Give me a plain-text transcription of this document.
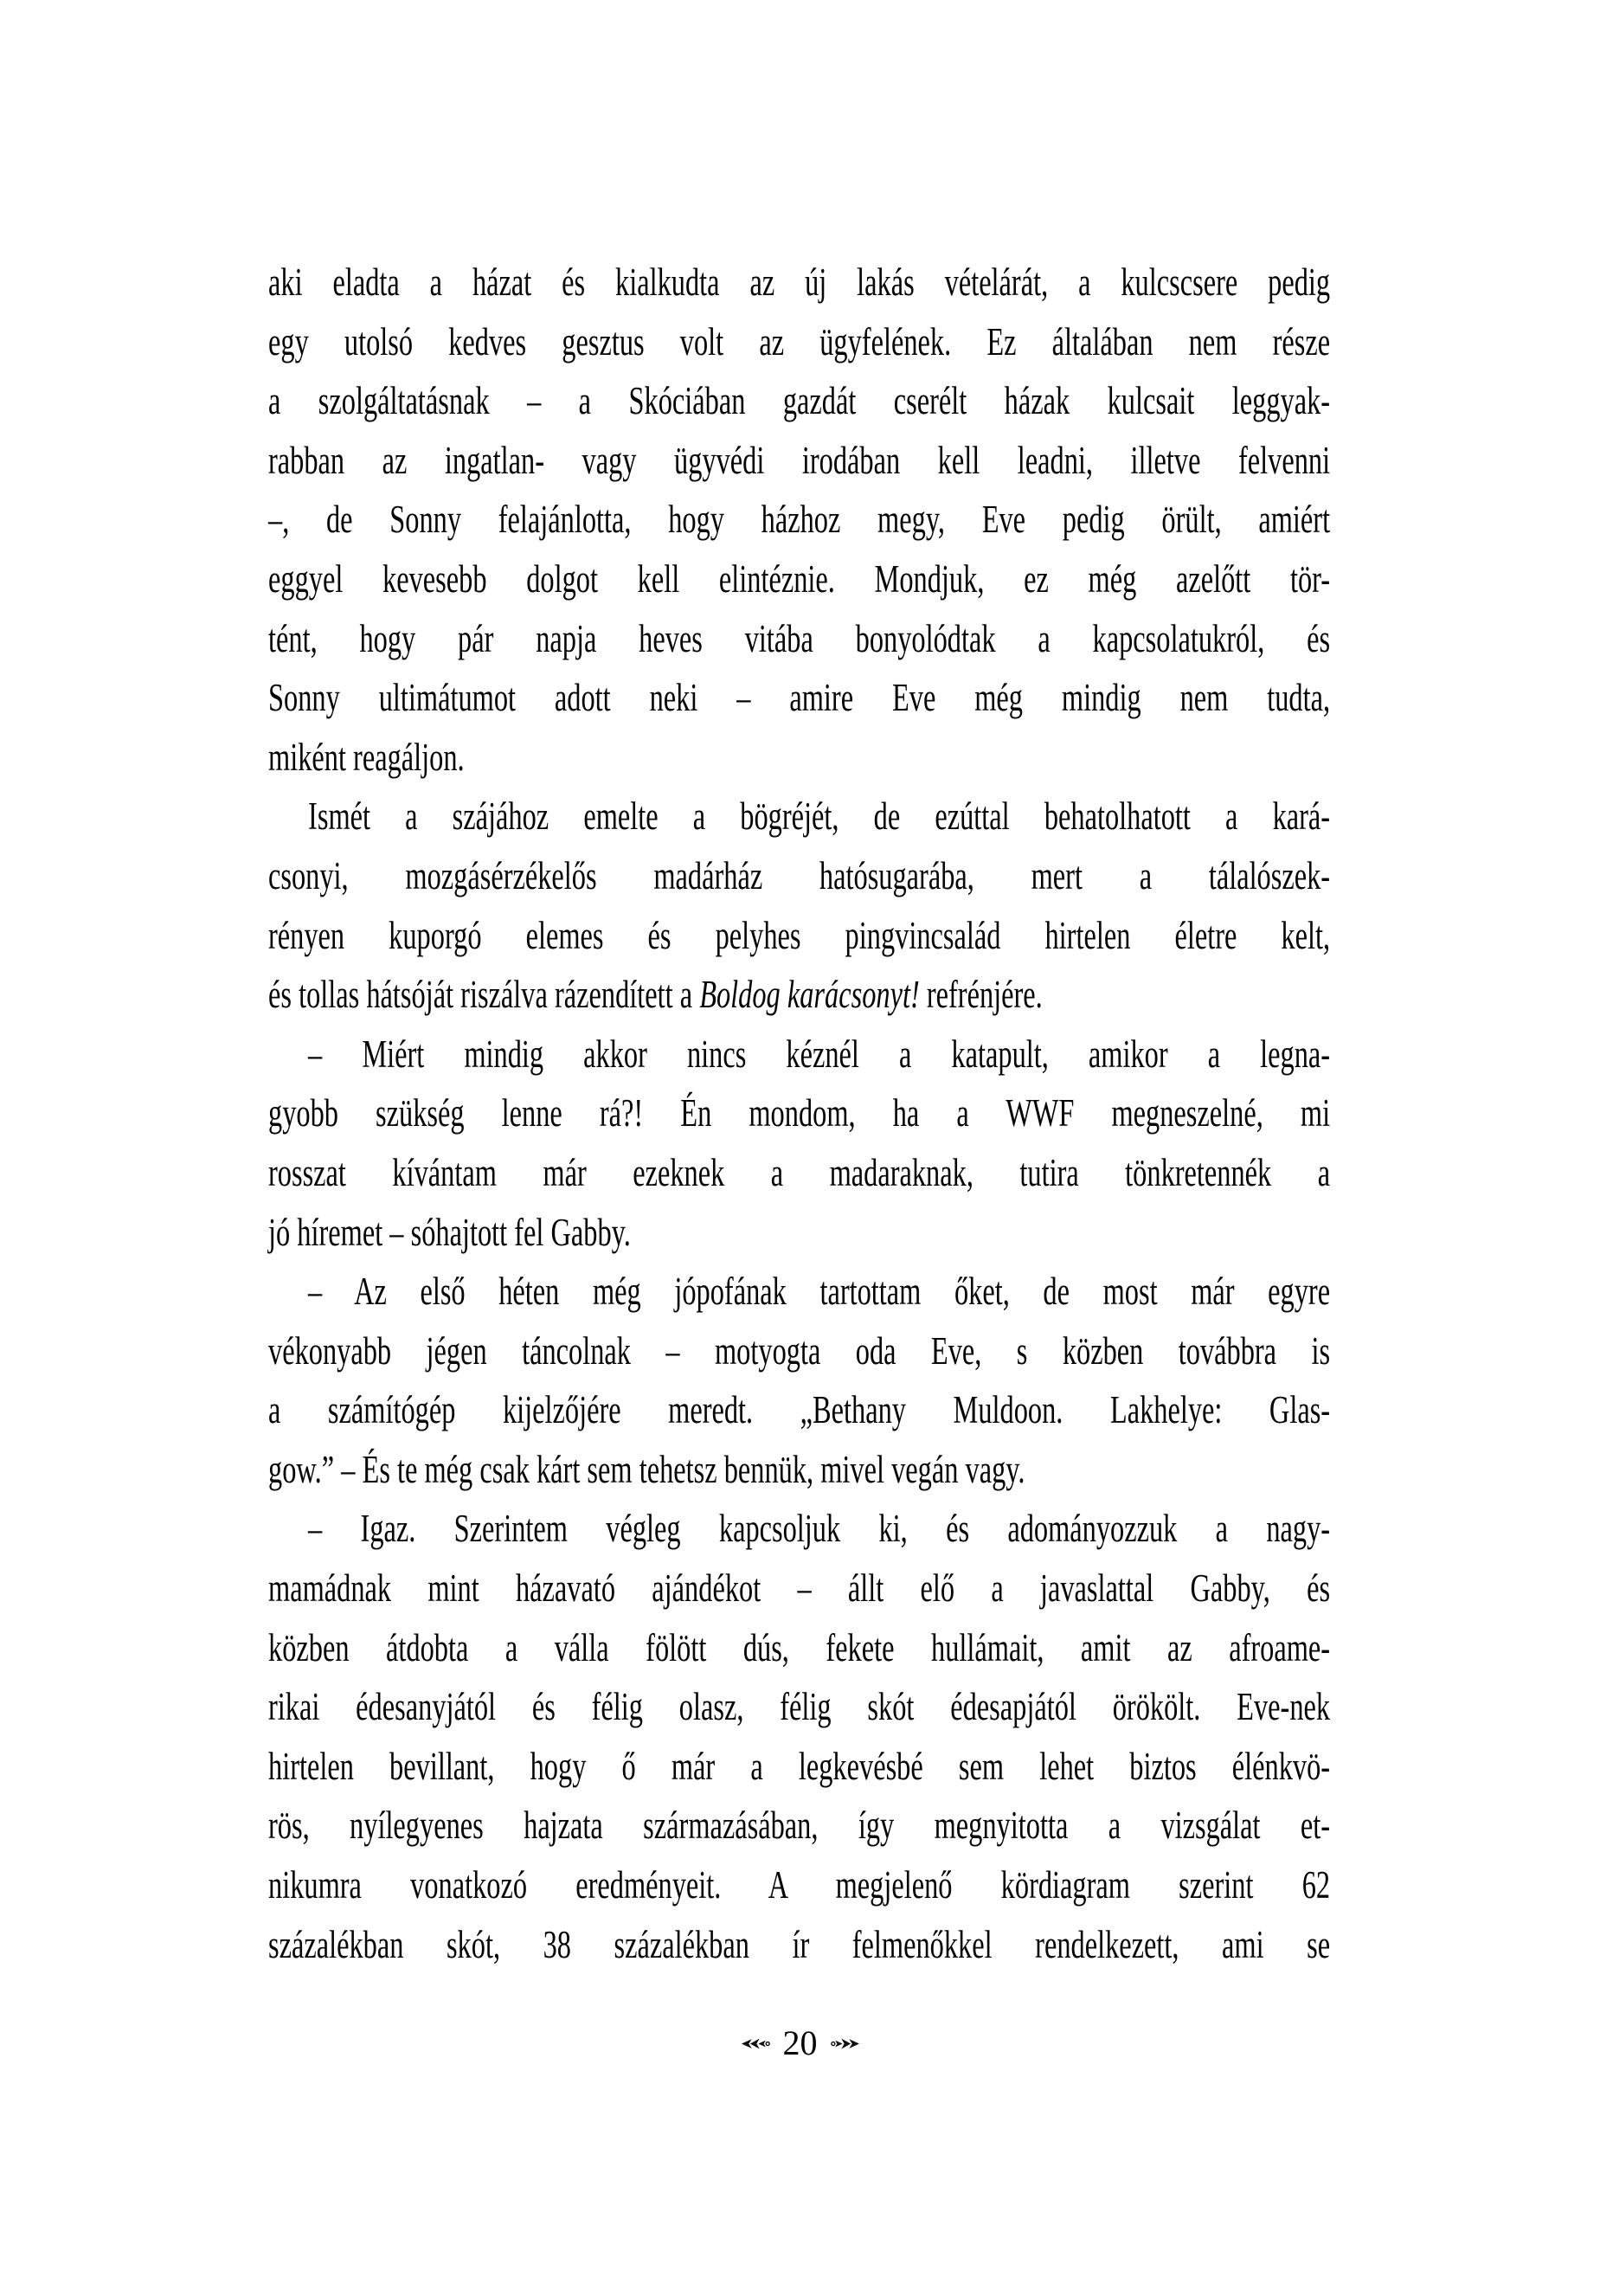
aki eladta a házat és kialkudta az új lakás vételárát, a kulcscsere pedig
egy utolsó kedves gesztus volt az ügyfelének. Ez általában nem része
a szolgáltatásnak – a Skóciában gazdát cserélt házak kulcsait leggyak-
rabban az ingatlan- vagy ügyvédi irodában kell leadni, illetve felvenni
–, de Sonny felajánlotta, hogy házhoz megy, Eve pedig örült, amiért
eggyel kevesebb dolgot kell elintéznie. Mondjuk, ez még azelőtt tör-
tént, hogy pár napja heves vitába bonyolódtak a kapcsolatukról, és
Sonny ultimátumot adott neki – amire Eve még mindig nem tudta,
miként reagáljon.
Ismét a szájához emelte a bögréjét, de ezúttal behatolhatott a kará-
csonyi, mozgásérzékelős madárház hatósugarába, mert a tálalószek-
rényen kuporgó elemes és pelyhes pingvincsalád hirtelen életre kelt,
és tollas hátsóját riszálva rázendített a Boldog karácsonyt! refrénjére.
– Miért mindig akkor nincs kéznél a katapult, amikor a legna-
gyobb szükség lenne rá?! Én mondom, ha a WWF megneszelné, mi
rosszat kívántam már ezeknek a madaraknak, tutira tönkretennék a
jó híremet – sóhajtott fel Gabby.
– Az első héten még jópofának tartottam őket, de most már egyre
vékonyabb jégen táncolnak – motyogta oda Eve, s közben továbbra is
a számítógép kijelzőjére meredt. „Bethany Muldoon. Lakhelye: Glas-
gow.” – És te még csak kárt sem tehetsz bennük, mivel vegán vagy.
– Igaz. Szerintem végleg kapcsoljuk ki, és adományozzuk a nagy-
mamádnak mint házavató ajándékot – állt elő a javaslattal Gabby, és
közben átdobta a válla fölött dús, fekete hullámait, amit az afroame-
rikai édesanyjától és félig olasz, félig skót édesapjától örökölt. Eve-nek
hirtelen bevillant, hogy ő már a legkevésbé sem lehet biztos élénkvö-
rös, nyílegyenes hajzata származásában, így megnyitotta a vizsgálat et-
nikumra vonatkozó eredményeit. A megjelenő kördiagram szerint 62
százalékban skót, 38 százalékban ír felmenőkkel rendelkezett, ami se
20
